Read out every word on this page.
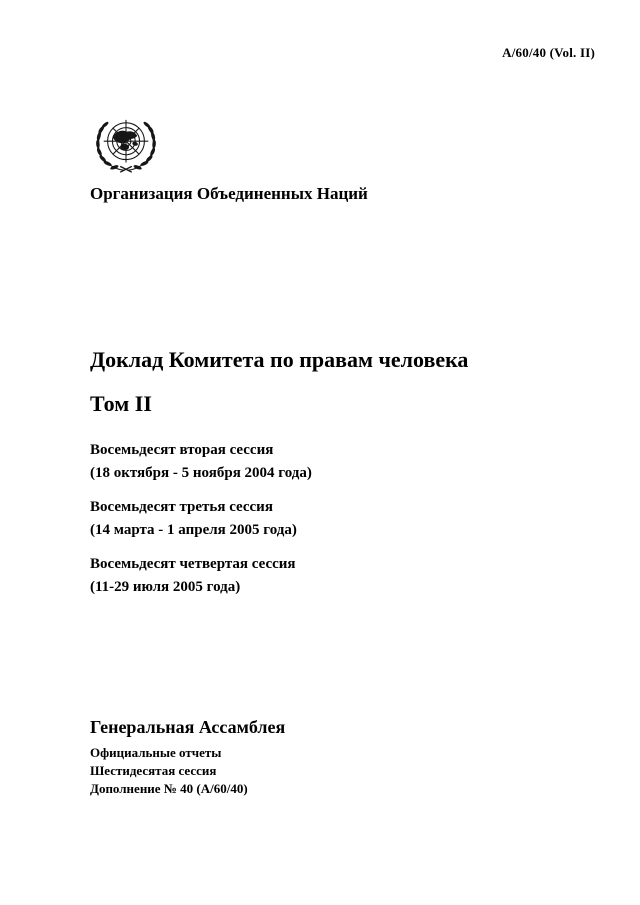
A/60/40 (Vol. II)
Организация Объединенных Наций
Доклад Комитета по правам человека
Том II
Восемьдесят вторая сессия
(18 октября - 5 ноября 2004 года)
Восемьдесят третья сессия
(14 марта - 1 апреля 2005 года)
Восемьдесят четвертая сессия
(11-29 июля 2005 года)
Генеральная Ассамблея
Официальные отчеты
Шестидесятая сессия
Дополнение № 40 (A/60/40)
